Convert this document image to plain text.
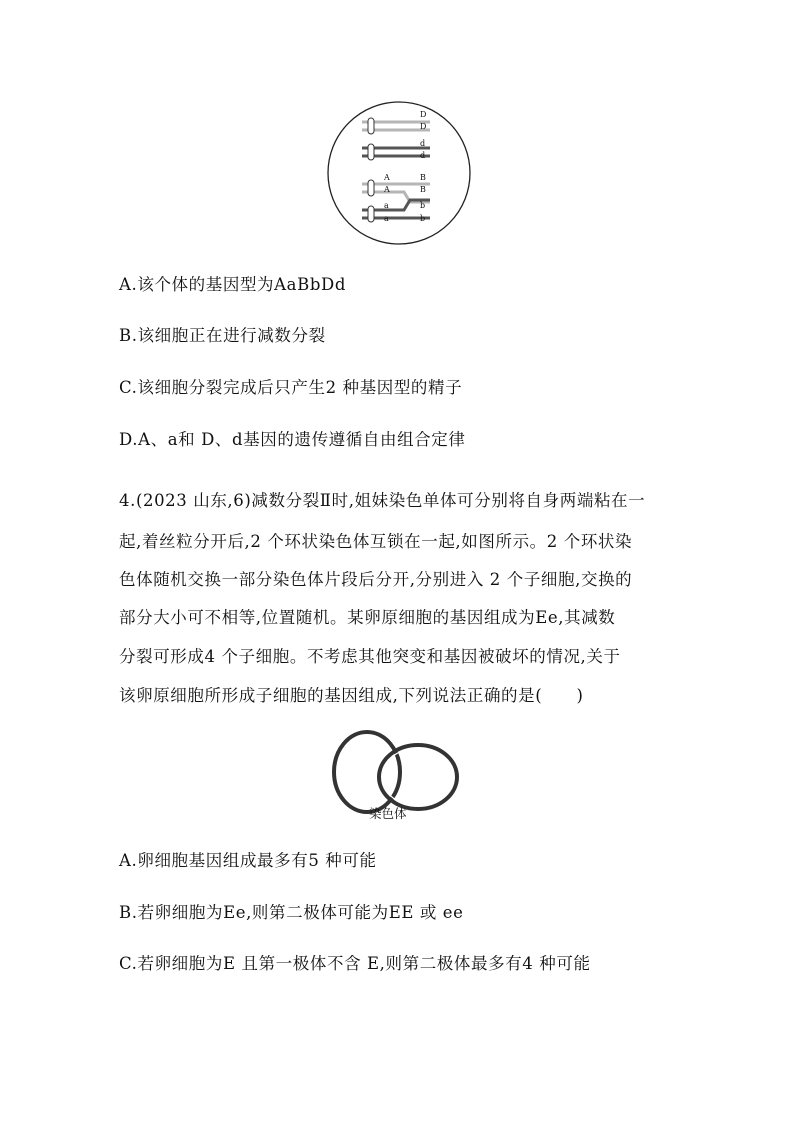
D
D
d
d
A	B
A	B
a	b
a	b
A.该个体的基因型为AaBbDd
B.该细胞正在进行减数分裂
C.该细胞分裂完成后只产生2 种基因型的精子
D.A、a和 D、d基因的遗传遵循自由组合定律
4.(2023 山东,6)减数分裂Ⅱ时,姐妹染色单体可分别将自身两端粘在一
起,着丝粒分开后,2 个环状染色体互锁在一起,如图所示。2 个环状染
色体随机交换一部分染色体片段后分开,分别进入 2 个子细胞,交换的
部分大小可不相等,位置随机。某卵原细胞的基因组成为Ee,其减数
分裂可形成4 个子细胞。不考虑其他突变和基因被破坏的情况,关于
该卵原细胞所形成子细胞的基因组成,下列说法正确的是(　　)
染色体
A.卵细胞基因组成最多有5 种可能
B.若卵细胞为Ee,则第二极体可能为EE 或 ee
C.若卵细胞为E 且第一极体不含 E,则第二极体最多有4 种可能
